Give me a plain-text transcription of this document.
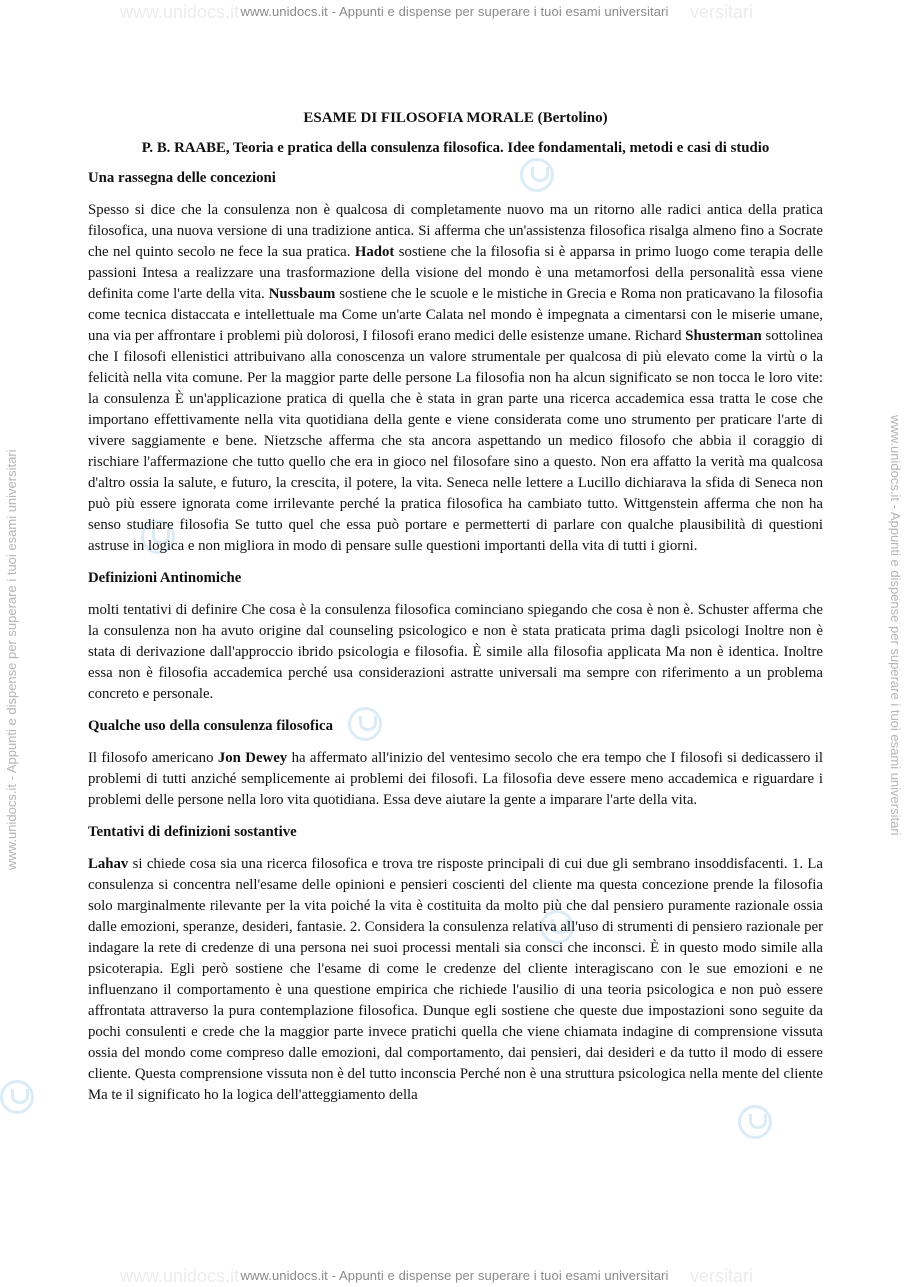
www.unidocs.it	versitari
www.unidocs.it	versitari
www.unidocs.it - Appunti e dispense per superare i tuoi esami universitari
www.unidocs.it - Appunti e dispense per superare i tuoi esami universitari
www.unidocs.it - Appunti e dispense per superare i tuoi esami universitari	www.unidocs.it - Appunti e dispense per superare i tuoi esami universitari
ESAME DI FILOSOFIA MORALE (Bertolino)
P. B. RAABE, Teoria e pratica della consulenza filosofica. Idee fondamentali, metodi e casi di studio
Una rassegna delle concezioni
Spesso si dice che la consulenza non è qualcosa di completamente nuovo ma un ritorno alle radici antica della pratica filosofica, una nuova versione di una tradizione antica. Si afferma che un'assistenza filosofica risalga almeno fino a Socrate che nel quinto secolo ne fece la sua pratica. Hadot sostiene che la filosofia si è apparsa in primo luogo come terapia delle passioni Intesa a realizzare una trasformazione della visione del mondo è una metamorfosi della personalità essa viene definita come l'arte della vita. Nussbaum sostiene che le scuole e le mistiche in Grecia e Roma non praticavano la filosofia come tecnica distaccata e intellettuale ma Come un'arte Calata nel mondo è impegnata a cimentarsi con le miserie umane, una via per affrontare i problemi più dolorosi, I filosofi erano medici delle esistenze umane. Richard Shusterman sottolinea che I filosofi ellenistici attribuivano alla conoscenza un valore strumentale per qualcosa di più elevato come la virtù o la felicità nella vita comune. Per la maggior parte delle persone La filosofia non ha alcun significato se non tocca le loro vite: la consulenza È un'applicazione pratica di quella che è stata in gran parte una ricerca accademica essa tratta le cose che importano effettivamente nella vita quotidiana della gente e viene considerata come uno strumento per praticare l'arte di vivere saggiamente e bene. Nietzsche afferma che sta ancora aspettando un medico filosofo che abbia il coraggio di rischiare l'affermazione che tutto quello che era in gioco nel filosofare sino a questo. Non era affatto la verità ma qualcosa d'altro ossia la salute, e futuro, la crescita, il potere, la vita. Seneca nelle lettere a Lucillo dichiarava la sfida di Seneca non può più essere ignorata come irrilevante perché la pratica filosofica ha cambiato tutto. Wittgenstein afferma che non ha senso studiare filosofia Se tutto quel che essa può portare e permetterti di parlare con qualche plausibilità di questioni astruse in logica e non migliora in modo di pensare sulle questioni importanti della vita di tutti i giorni.
Definizioni Antinomiche
molti tentativi di definire Che cosa è la consulenza filosofica cominciano spiegando che cosa è non è. Schuster afferma che la consulenza non ha avuto origine dal counseling psicologico e non è stata praticata prima dagli psicologi Inoltre non è stata di derivazione dall'approccio ibrido psicologia e filosofia. È simile alla filosofia applicata Ma non è identica. Inoltre essa non è filosofia accademica perché usa considerazioni astratte universali ma sempre con riferimento a un problema concreto e personale.
Qualche uso della consulenza filosofica
Il filosofo americano Jon Dewey ha affermato all'inizio del ventesimo secolo che era tempo che I filosofi si dedicassero il problemi di tutti anziché semplicemente ai problemi dei filosofi. La filosofia deve essere meno accademica e riguardare i problemi delle persone nella loro vita quotidiana. Essa deve aiutare la gente a imparare l'arte della vita.
Tentativi di definizioni sostantive
Lahav si chiede cosa sia una ricerca filosofica e trova tre risposte principali di cui due gli sembrano insoddisfacenti. 1. La consulenza si concentra nell'esame delle opinioni e pensieri coscienti del cliente ma questa concezione prende la filosofia solo marginalmente rilevante per la vita poiché la vita è costituita da molto più che dal pensiero puramente razionale ossia dalle emozioni, speranze, desideri, fantasie. 2. Considera la consulenza relativa all'uso di strumenti di pensiero razionale per indagare la rete di credenze di una persona nei suoi processi mentali sia consci che inconsci. È in questo modo simile alla psicoterapia. Egli però sostiene che l'esame di come le credenze del cliente interagiscano con le sue emozioni e ne influenzano il comportamento è una questione empirica che richiede l'ausilio di una teoria psicologica e non può essere affrontata attraverso la pura contemplazione filosofica. Dunque egli sostiene che queste due impostazioni sono seguite da pochi consulenti e crede che la maggior parte invece pratichi quella che viene chiamata indagine di comprensione vissuta ossia del mondo come compreso dalle emozioni, dal comportamento, dai pensieri, dai desideri e da tutto il modo di essere cliente. Questa comprensione vissuta non è del tutto inconscia Perché non è una struttura psicologica nella mente del cliente Ma te il significato ho la logica dell'atteggiamento della
